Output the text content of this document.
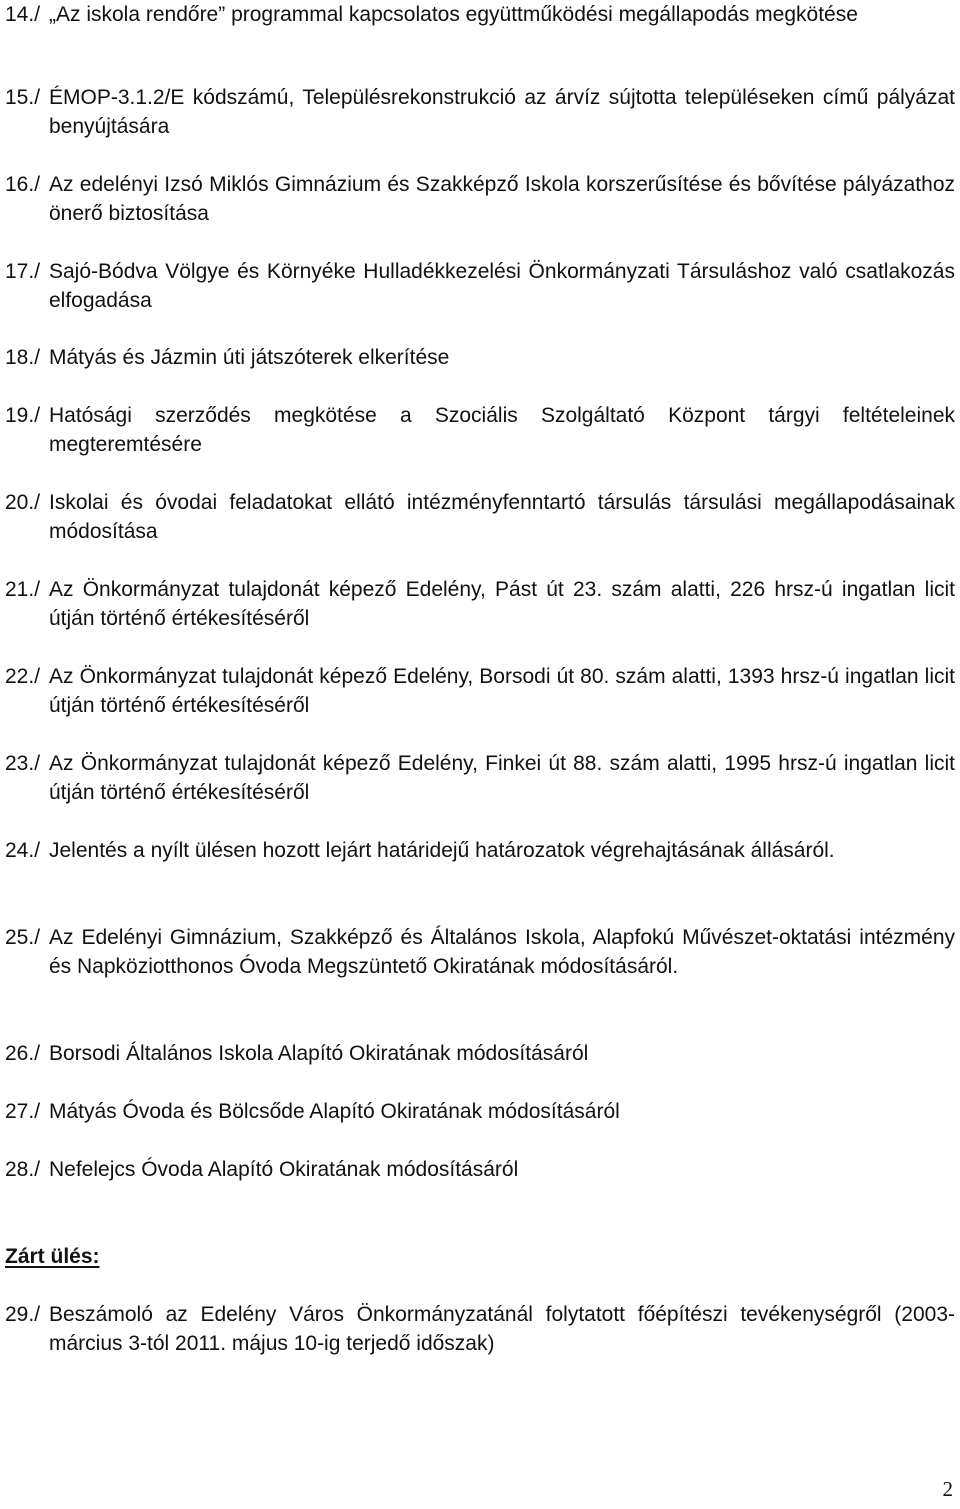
14./ „Az iskola rendőre” programmal kapcsolatos együttműködési megállapodás megkötése
15./ ÉMOP-3.1.2/E kódszámú, Településrekonstrukció az árvíz sújtotta településeken című pályázat benyújtására
16./ Az edelényi Izsó Miklós Gimnázium és Szakképző Iskola korszerűsítése és bővítése pályázathoz önerő biztosítása
17./ Sajó-Bódva Völgye és Környéke Hulladékkezelési Önkormányzati Társuláshoz való csatlakozás elfogadása
18./ Mátyás és Jázmin úti játszóterek elkerítése
19./ Hatósági szerződés megkötése a Szociális Szolgáltató Központ tárgyi feltételeinek megteremtésére
20./ Iskolai és óvodai feladatokat ellátó intézményfenntartó társulás társulási megállapodásainak módosítása
21./ Az Önkormányzat tulajdonát képező Edelény, Pást út 23. szám alatti, 226 hrsz-ú ingatlan licit útján történő értékesítéséről
22./ Az Önkormányzat tulajdonát képező Edelény, Borsodi út 80. szám alatti, 1393 hrsz-ú ingatlan licit útján történő értékesítéséről
23./ Az Önkormányzat tulajdonát képező Edelény, Finkei út 88. szám alatti, 1995 hrsz-ú ingatlan licit útján történő értékesítéséről
24./ Jelentés a nyílt ülésen hozott lejárt határidejű határozatok végrehajtásának állásáról.
25./ Az Edelényi Gimnázium, Szakképző és Általános Iskola, Alapfokú Művészet-oktatási intézmény és Napköziotthonos Óvoda Megszüntető Okiratának módosításáról.
26./ Borsodi Általános Iskola Alapító Okiratának módosításáról
27./ Mátyás Óvoda és Bölcsőde Alapító Okiratának módosításáról
28./ Nefelejcs Óvoda Alapító Okiratának módosításáról
Zárt ülés:
29./ Beszámoló az Edelény Város Önkormányzatánál folytatott főépítészi tevékenységről (2003-március 3-tól 2011. május 10-ig terjedő időszak)
2
